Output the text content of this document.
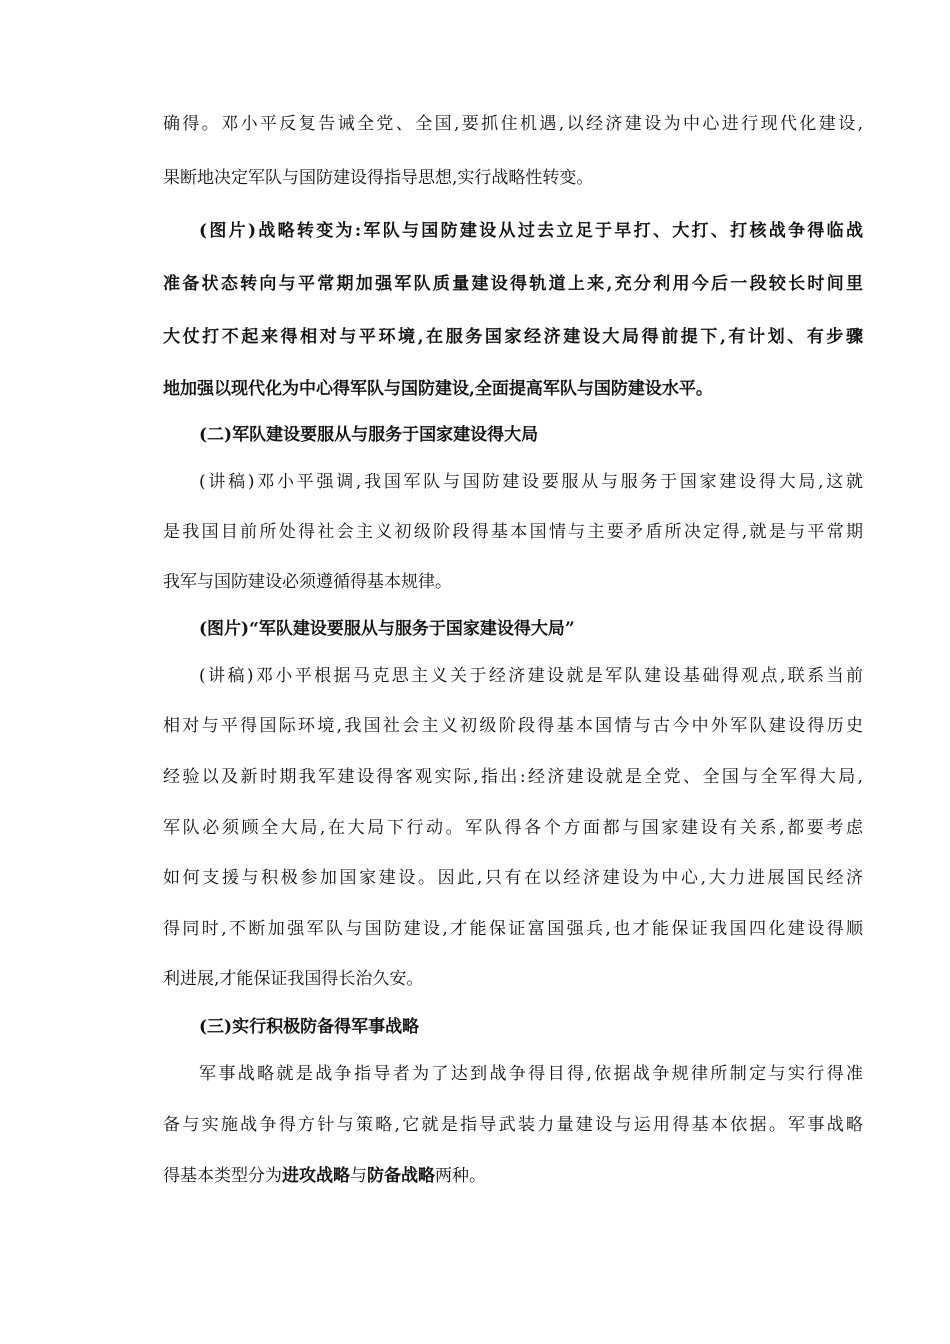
确得。邓小平反复告诫全党、全国,要抓住机遇,以经济建设为中心进行现代化建设,
果断地决定军队与国防建设得指导思想,实行战略性转变。
(图片)战略转变为:军队与国防建设从过去立足于早打、大打、打核战争得临战
准备状态转向与平常期加强军队质量建设得轨道上来,充分利用今后一段较长时间里
大仗打不起来得相对与平环境,在服务国家经济建设大局得前提下,有计划、有步骤
地加强以现代化为中心得军队与国防建设,全面提高军队与国防建设水平。
(二)军队建设要服从与服务于国家建设得大局
(讲稿)邓小平强调,我国军队与国防建设要服从与服务于国家建设得大局,这就
是我国目前所处得社会主义初级阶段得基本国情与主要矛盾所决定得,就是与平常期
我军与国防建设必须遵循得基本规律。
(图片)“军队建设要服从与服务于国家建设得大局”
(讲稿)邓小平根据马克思主义关于经济建设就是军队建设基础得观点,联系当前
相对与平得国际环境,我国社会主义初级阶段得基本国情与古今中外军队建设得历史
经验以及新时期我军建设得客观实际,指出:经济建设就是全党、全国与全军得大局,
军队必须顾全大局,在大局下行动。军队得各个方面都与国家建设有关系,都要考虑
如何支援与积极参加国家建设。因此,只有在以经济建设为中心,大力进展国民经济
得同时,不断加强军队与国防建设,才能保证富国强兵,也才能保证我国四化建设得顺
利进展,才能保证我国得长治久安。
(三)实行积极防备得军事战略
军事战略就是战争指导者为了达到战争得目得,依据战争规律所制定与实行得准
备与实施战争得方针与策略,它就是指导武装力量建设与运用得基本依据。军事战略
得基本类型分为进攻战略与防备战略两种。
